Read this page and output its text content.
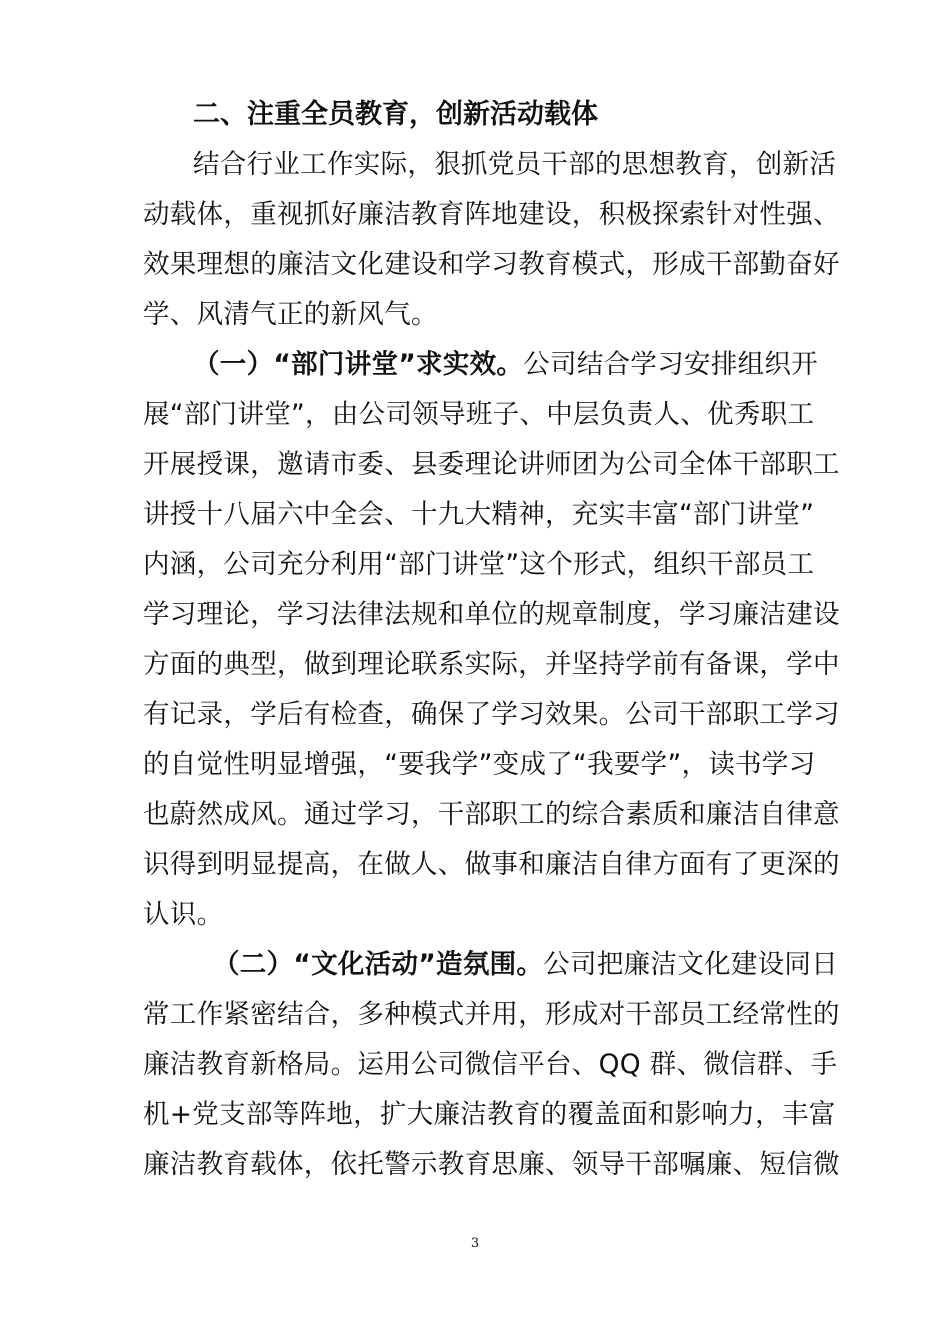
二、注重全员教育，创新活动载体
结合行业工作实际，狠抓党员干部的思想教育，创新活
动载体，重视抓好廉洁教育阵地建设，积极探索针对性强、
效果理想的廉洁文化建设和学习教育模式，形成干部勤奋好
学、风清气正的新风气。
（一）“部门讲堂”求实效。公司结合学习安排组织开
展“部门讲堂”，由公司领导班子、中层负责人、优秀职工
开展授课，邀请市委、县委理论讲师团为公司全体干部职工
讲授十八届六中全会、十九大精神，充实丰富“部门讲堂”
内涵，公司充分利用“部门讲堂”这个形式，组织干部员工
学习理论，学习法律法规和单位的规章制度，学习廉洁建设
方面的典型，做到理论联系实际，并坚持学前有备课，学中
有记录，学后有检查，确保了学习效果。公司干部职工学习
的自觉性明显增强，“要我学”变成了“我要学”，读书学习
也蔚然成风。通过学习，干部职工的综合素质和廉洁自律意
识得到明显提高，在做人、做事和廉洁自律方面有了更深的
认识。
（二）“文化活动”造氛围。公司把廉洁文化建设同日
常工作紧密结合，多种模式并用，形成对干部员工经常性的
廉洁教育新格局。运用公司微信平台、QQ 群、微信群、手
机+党支部等阵地，扩大廉洁教育的覆盖面和影响力，丰富
廉洁教育载体，依托警示教育思廉、领导干部嘱廉、短信微
3
